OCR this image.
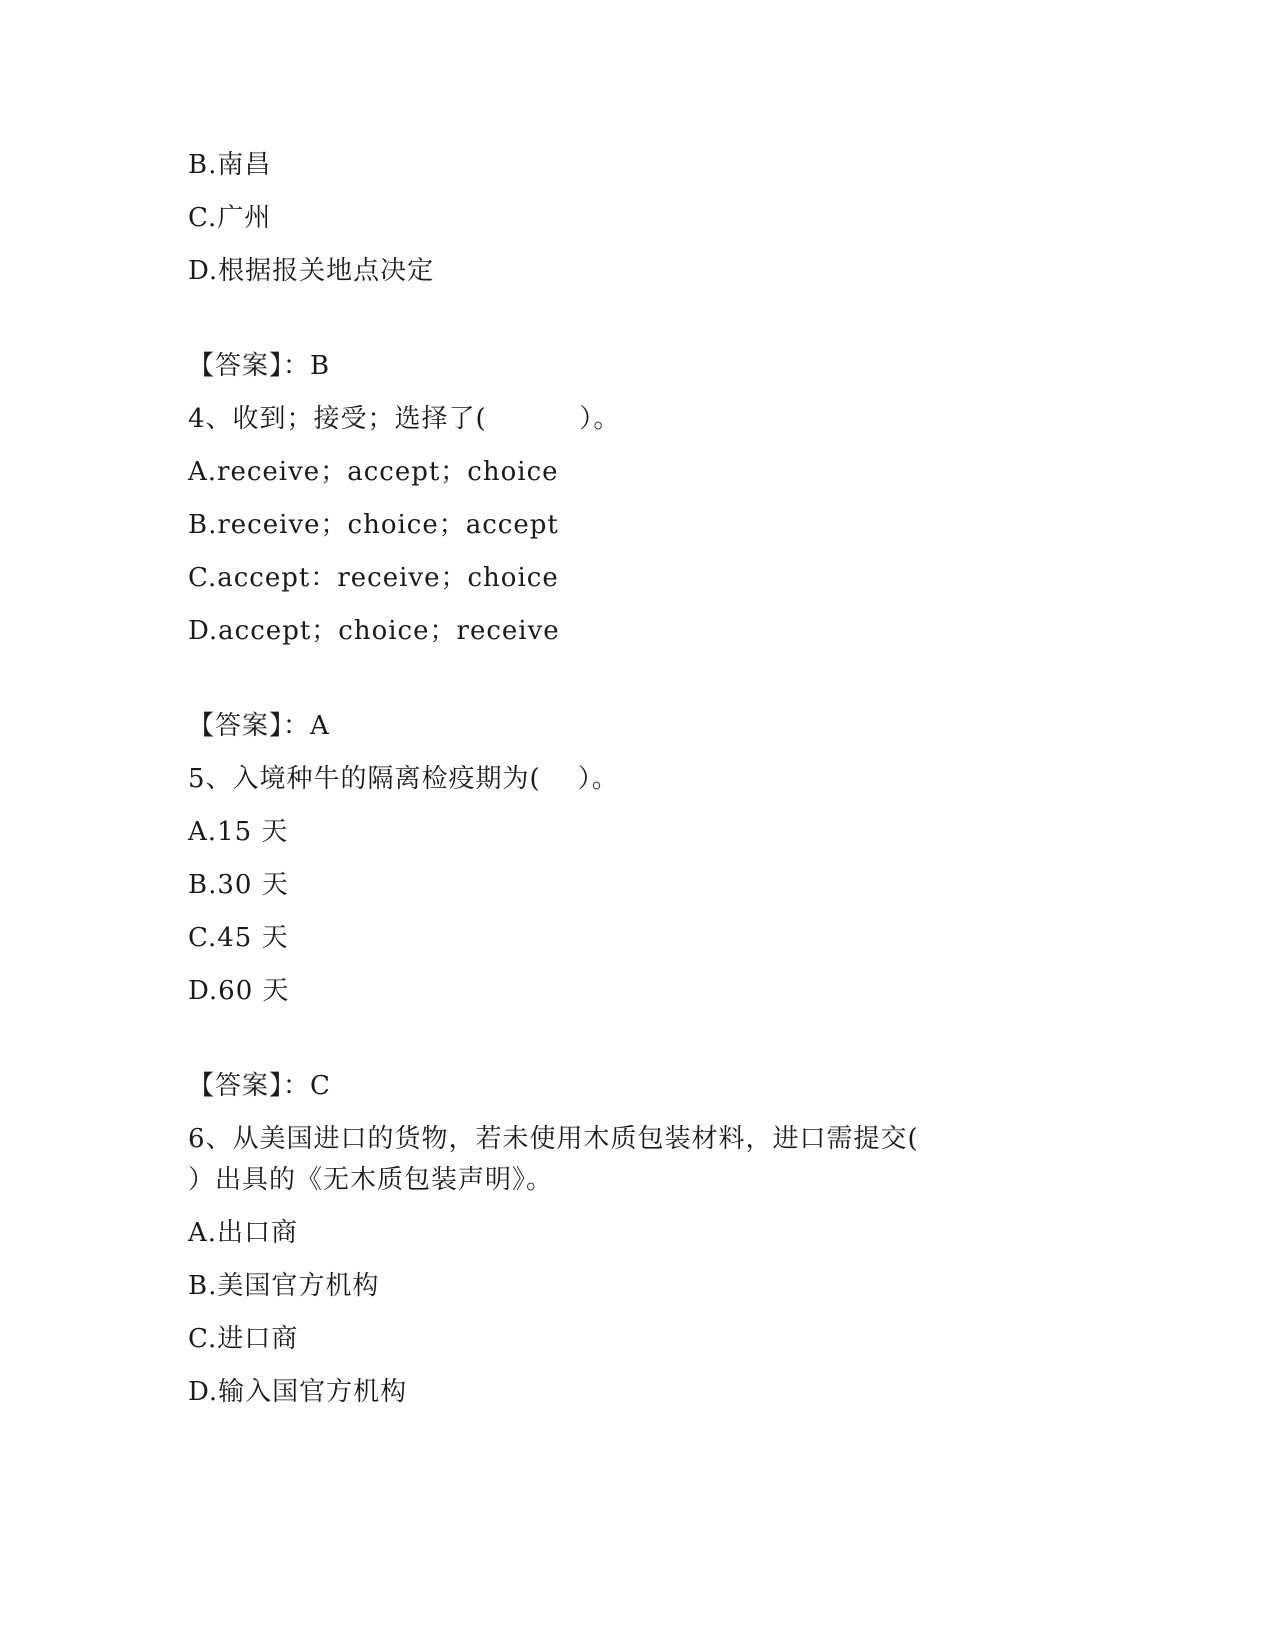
B.南昌
C.广州
D.根据报关地点决定
【答案】：B
4、收到；接受；选择了(          ）。
A.receive；accept；choice
B.receive；choice；accept
C.accept：receive；choice
D.accept；choice；receive
【答案】：A
5、入境种牛的隔离检疫期为(    ）。
A.15 天
B.30 天
C.45 天
D.60 天
【答案】：C
6、从美国进口的货物，若未使用木质包装材料，进口需提交(
）出具的《无木质包装声明》。
A.出口商
B.美国官方机构
C.进口商
D.输入国官方机构
